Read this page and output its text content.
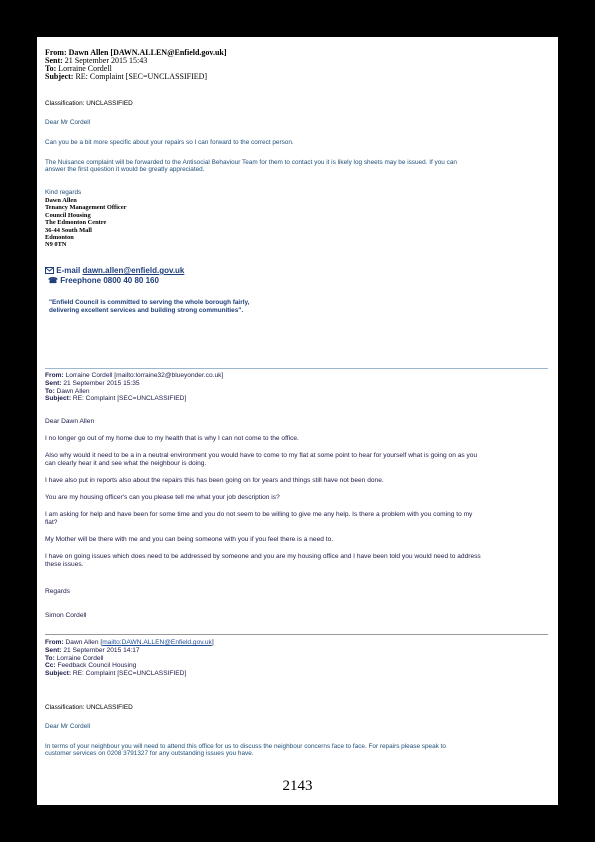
From: Dawn Allen [DAWN.ALLEN@Enfield.gov.uk]
Sent: 21 September 2015 15:43
To: Lorraine Cordell
Subject: RE: Complaint [SEC=UNCLASSIFIED]
Classification: UNCLASSIFIED
Dear Mr Cordell
Can you be a bit more specific about your repairs so I can forward to the correct person.
The Nuisance complaint will be forwarded to the Antisocial Behaviour Team for them to contact you it is likely log sheets may be issued. If you can
answer the first question it would be greatly appreciated.
Kind regards
Dawn Allen
Tenancy Management Officer
Council Housing
The Edmonton Centre
36-44 South Mall
Edmonton
N9 0TN
E-mail dawn.allen@enfield.gov.uk
☎ Freephone 0800 40 80 160
"Enfield Council is committed to serving the whole borough fairly,
delivering excellent services and building strong communities".
From: Lorraine Cordell [mailto:lorraine32@blueyonder.co.uk]
Sent: 21 September 2015 15:35
To: Dawn Allen
Subject: RE: Complaint [SEC=UNCLASSIFIED]
Dear Dawn Allen
I no longer go out of my home due to my health that is why I can not come to the office.
Also why would it need to be a in a neutral environment you would have to come to my flat at some point to hear for yourself what is going on as you
can clearly hear it and see what the neighbour is doing.
I have also put in reports also about the repairs this has been going on for years and things still have not been done.
You are my housing officer's can you please tell me what your job description is?
I am asking for help and have been for some time and you do not seem to be willing to give me any help. Is there a problem with you coming to my
flat?
My Mother will be there with me and you can being someone with you if you feel there is a need to.
I have on going issues which does need to be addressed by someone and you are my housing office and I have been told you would need to address
these issues.
Regards
Simon Cordell
From: Dawn Allen [mailto:DAWN.ALLEN@Enfield.gov.uk]
Sent: 21 September 2015 14:17
To: Lorraine Cordell
Cc: Feedback Council Housing
Subject: RE: Complaint [SEC=UNCLASSIFIED]
Classification: UNCLASSIFIED
Dear Mr Cordell
In terms of your neighbour you will need to attend this office for us to discuss the neighbour concerns face to face. For repairs please speak to
customer services on 0208 3791327 for any outstanding issues you have.
2143
